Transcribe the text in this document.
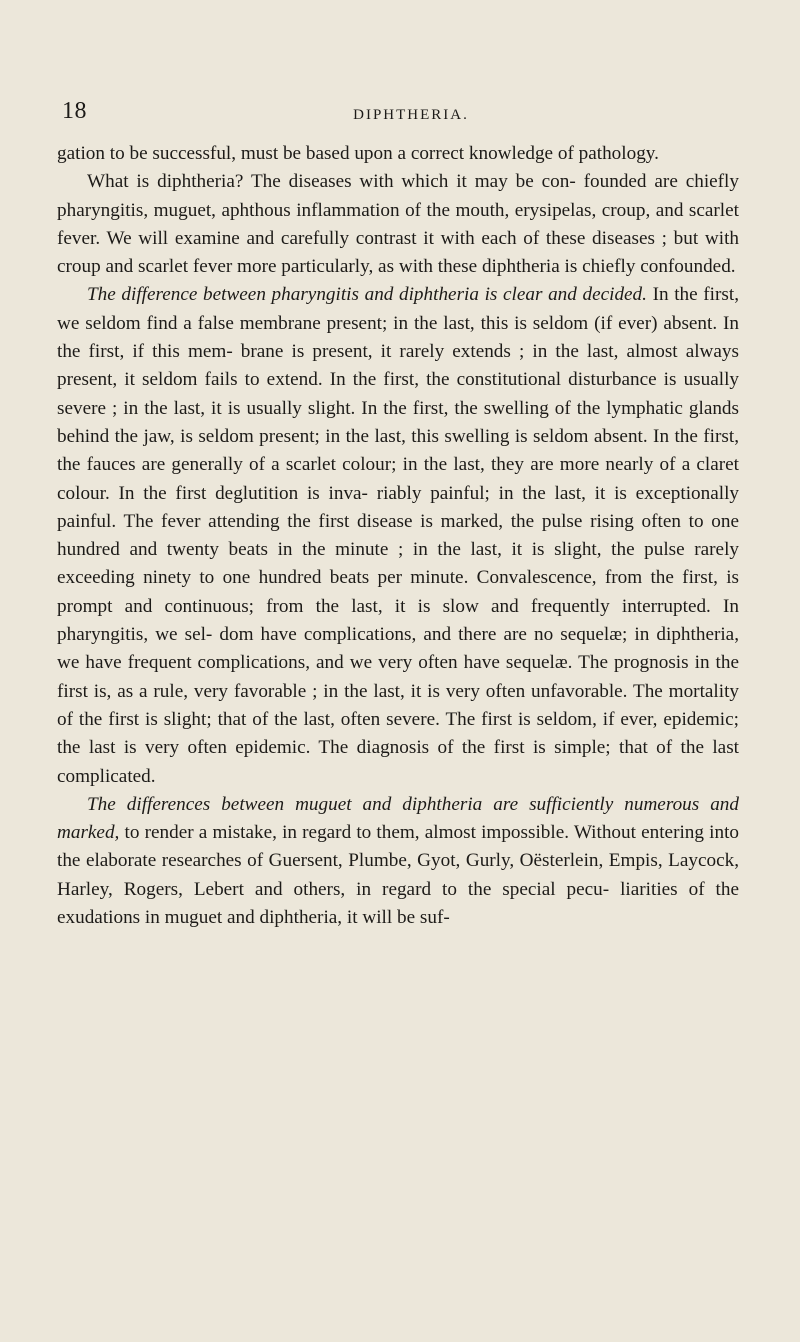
18	DIPHTHERIA.

gation to be successful, must be based upon a correct knowledge of pathology.

What is diphtheria? The diseases with which it may be con- founded are chiefly pharyngitis, muguet, aphthous inflammation of the mouth, erysipelas, croup, and scarlet fever. We will examine and carefully contrast it with each of these diseases ; but with croup and scarlet fever more particularly, as with these diphtheria is chiefly confounded.

The difference between pharyngitis and diphtheria is clear and decided. In the first, we seldom find a false membrane present; in the last, this is seldom (if ever) absent. In the first, if this mem- brane is present, it rarely extends ; in the last, almost always present, it seldom fails to extend. In the first, the constitutional disturbance is usually severe ; in the last, it is usually slight. In the first, the swelling of the lymphatic glands behind the jaw, is seldom present; in the last, this swelling is seldom absent. In the first, the fauces are generally of a scarlet colour; in the last, they are more nearly of a claret colour. In the first deglutition is inva- riably painful; in the last, it is exceptionally painful. The fever attending the first disease is marked, the pulse rising often to one hundred and twenty beats in the minute ; in the last, it is slight, the pulse rarely exceeding ninety to one hundred beats per minute. Convalescence, from the first, is prompt and continuous; from the last, it is slow and frequently interrupted. In pharyngitis, we sel- dom have complications, and there are no sequelæ; in diphtheria, we have frequent complications, and we very often have sequelæ. The prognosis in the first is, as a rule, very favorable ; in the last, it is very often unfavorable. The mortality of the first is slight; that of the last, often severe. The first is seldom, if ever, epidemic; the last is very often epidemic. The diagnosis of the first is simple; that of the last complicated.

The differences between muguet and diphtheria are sufficiently numerous and marked, to render a mistake, in regard to them, almost impossible. Without entering into the elaborate researches of Guersent, Plumbe, Gyot, Gurly, Oësterlein, Empis, Laycock, Harley, Rogers, Lebert and others, in regard to the special pecu- liarities of the exudations in muguet and diphtheria, it will be suf-
